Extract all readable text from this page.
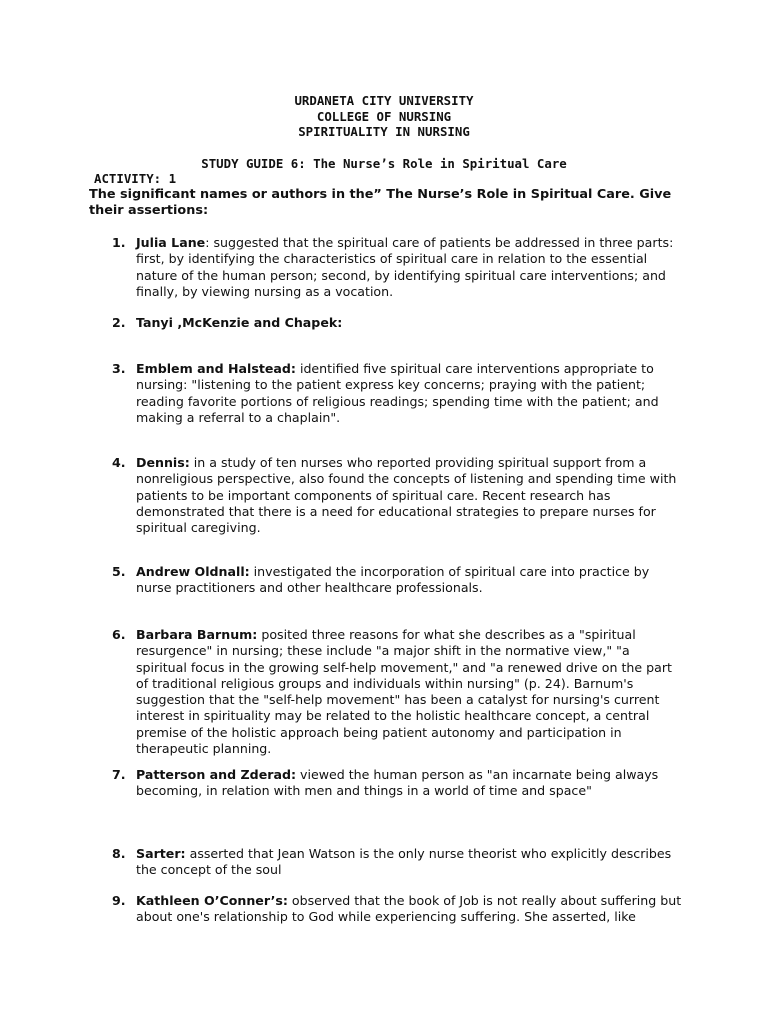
URDANETA CITY UNIVERSITY
COLLEGE OF NURSING
SPIRITUALITY IN NURSING
STUDY GUIDE 6: The Nurse’s Role in Spiritual Care
ACTIVITY: 1
The significant names or authors in the” The Nurse’s Role in Spiritual Care. Give their assertions:
1. Julia Lane: suggested that the spiritual care of patients be addressed in three parts: first, by identifying the characteristics of spiritual care in relation to the essential nature of the human person; second, by identifying spiritual care interventions; and finally, by viewing nursing as a vocation.
2. Tanyi ,McKenzie and Chapek:
3. Emblem and Halstead: identified five spiritual care interventions appropriate to nursing: "listening to the patient express key concerns; praying with the patient; reading favorite portions of religious readings; spending time with the patient; and making a referral to a chaplain".
4. Dennis: in a study of ten nurses who reported providing spiritual support from a nonreligious perspective, also found the concepts of listening and spending time with patients to be important components of spiritual care. Recent research has demonstrated that there is a need for educational strategies to prepare nurses for spiritual caregiving.
5. Andrew Oldnall: investigated the incorporation of spiritual care into practice by nurse practitioners and other healthcare professionals.
6. Barbara Barnum: posited three reasons for what she describes as a "spiritual resurgence" in nursing; these include "a major shift in the normative view," "a spiritual focus in the growing self-help movement," and "a renewed drive on the part of traditional religious groups and individuals within nursing" (p. 24). Barnum's suggestion that the "self-help movement" has been a catalyst for nursing's current interest in spirituality may be related to the holistic healthcare concept, a central premise of the holistic approach being patient autonomy and participation in therapeutic planning.
7. Patterson and Zderad: viewed the human person as "an incarnate being always becoming, in relation with men and things in a world of time and space"
8. Sarter: asserted that Jean Watson is the only nurse theorist who explicitly describes the concept of the soul
9. Kathleen O’Conner’s: observed that the book of Job is not really about suffering but about one's relationship to God while experiencing suffering. She asserted, like
